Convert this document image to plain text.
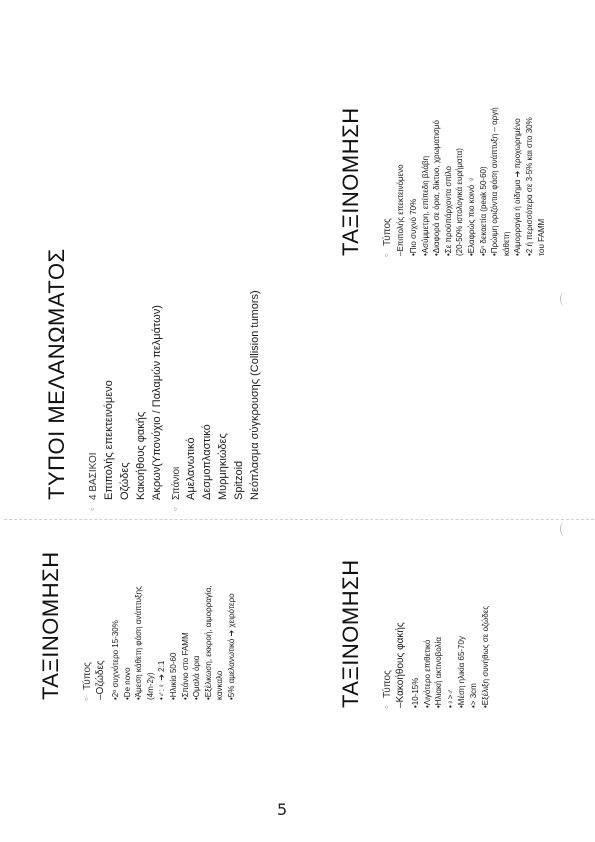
ΤΥΠΟΙ ΜΕΛΑΝΩΜΑΤΟΣ ○ 4 ΒΑΣΙΚΟΙ Επιπολής επεκτεινόμενο Οζώδες Κακοήθους φακής Άκρων(Υπονύχιο / Παλαμών πελμάτων) ○ Σπάνιοι Αμελανωτικό Δεσμοπλαστικό Μυρμηκιώδες Spitzoid Νεόπλασμα σύγκρουσης (Collision tumors)
ΤΑΞΙΝΟΜΗΣΗ ○ Τύπος –Επιπολής επεκτεινόμενο •Πιο συχνό 70% •Ασύμμετρη, επίπεδη βλάβη •Διαφορά σε όρια, δίκτυο, χρωματισμό •Σε προϋπάρχοντα σπίλο (20-50% ιστολογικά ευρήματα) •Ελαφρώς πιο κοινό ♀ •5ⁿ δεκαετία (peak 50-60) •Πρώιμη οριζόντια φάση ανάπτυξη – αργή κάθετη •Αιμορραγία ή οίδημα ➔ προχωρημένο •2 ή περισσότερα σε 3-5% και στο 30% του FAMM
ΤΑΞΙΝΟΜΗΣΗ ○ Τύπος –Οζώδες •2ᵒ συχνότερο 15-30% •De novo •Άμεση κάθετη φάση ανάπτυξης (4m-2y) •♂:♀ ➔ 2:1 •Ηλικία 50-60 •Σπάνιο στο FAMM •Ομαλά όρια •Εξέλκωση, εκκροή, αιμορραγία, κανκαλο •5% αμελανωτικό ➔ χειρότερο	ΤΑΞΙΝΟΜΗΣΗ ○ Τύπος –Κακοήθους φακής •10-15% •Λιγότερο επιθετικό •Ηλιακή ακτινοβολία •♀>♂ •Μέση ηλικία 65-70y •> 3cm •Εξέλιξη συνήθως σε οζώδες
5
